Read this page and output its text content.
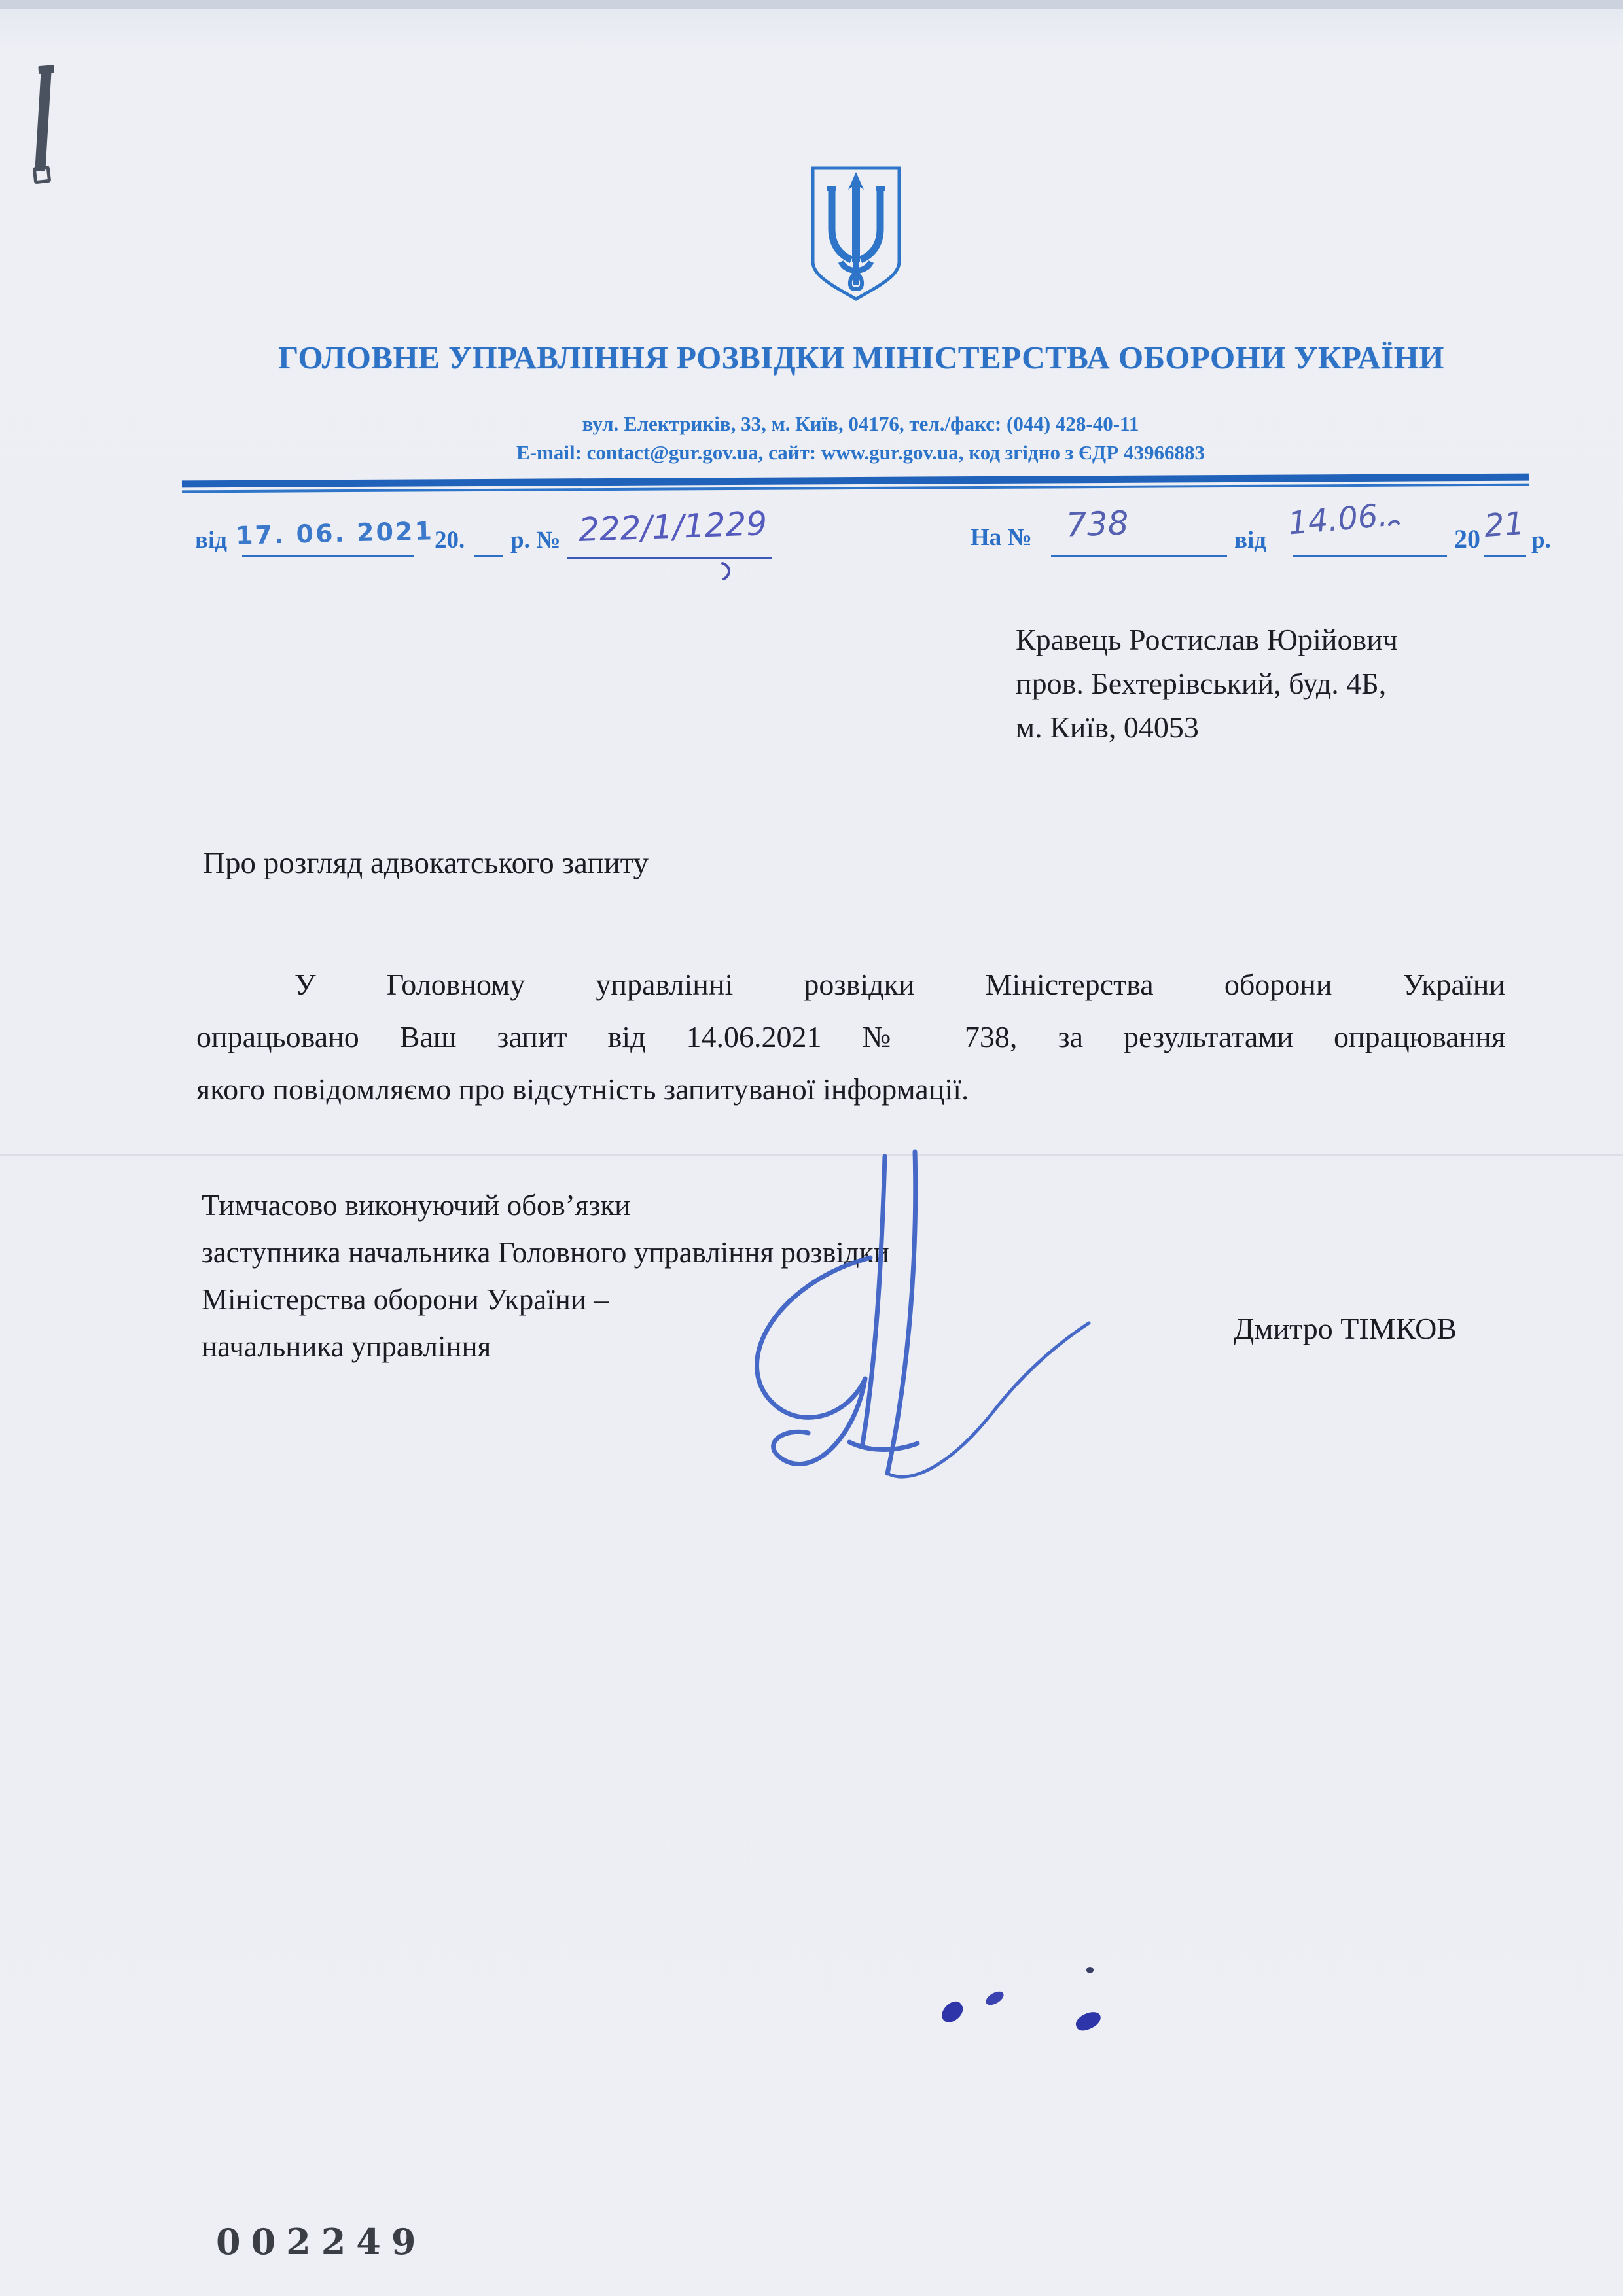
ГОЛОВНЕ УПРАВЛІННЯ РОЗВІДКИ МІНІСТЕРСТВА ОБОРОНИ УКРАЇНИ
вул. Електриків, 33, м. Київ, 04176, тел./факс: (044) 428-40-11
E-mail: contact@gur.gov.ua, сайт: www.gur.gov.ua, код згідно з ЄДР 43966883
від 17. 06. 2021 20. р. № 222/1/1229	На № 738	від 14.06. 20 21 р.
Кравець Ростислав Юрійович
пров. Бехтерівський, буд. 4Б,
м. Київ, 04053
Про розгляд адвокатського запиту
У Головному управлінні розвідки Міністерства оборони України
опрацьовано Ваш запит від 14.06.2021 № 738, за результатами опрацювання
якого повідомляємо про відсутність запитуваної інформації.
Тимчасово виконуючий обов’язки
заступника начальника Головного управління розвідки
Міністерства оборони України –
начальника управління
Дмитро ТІМКОВ
002249
